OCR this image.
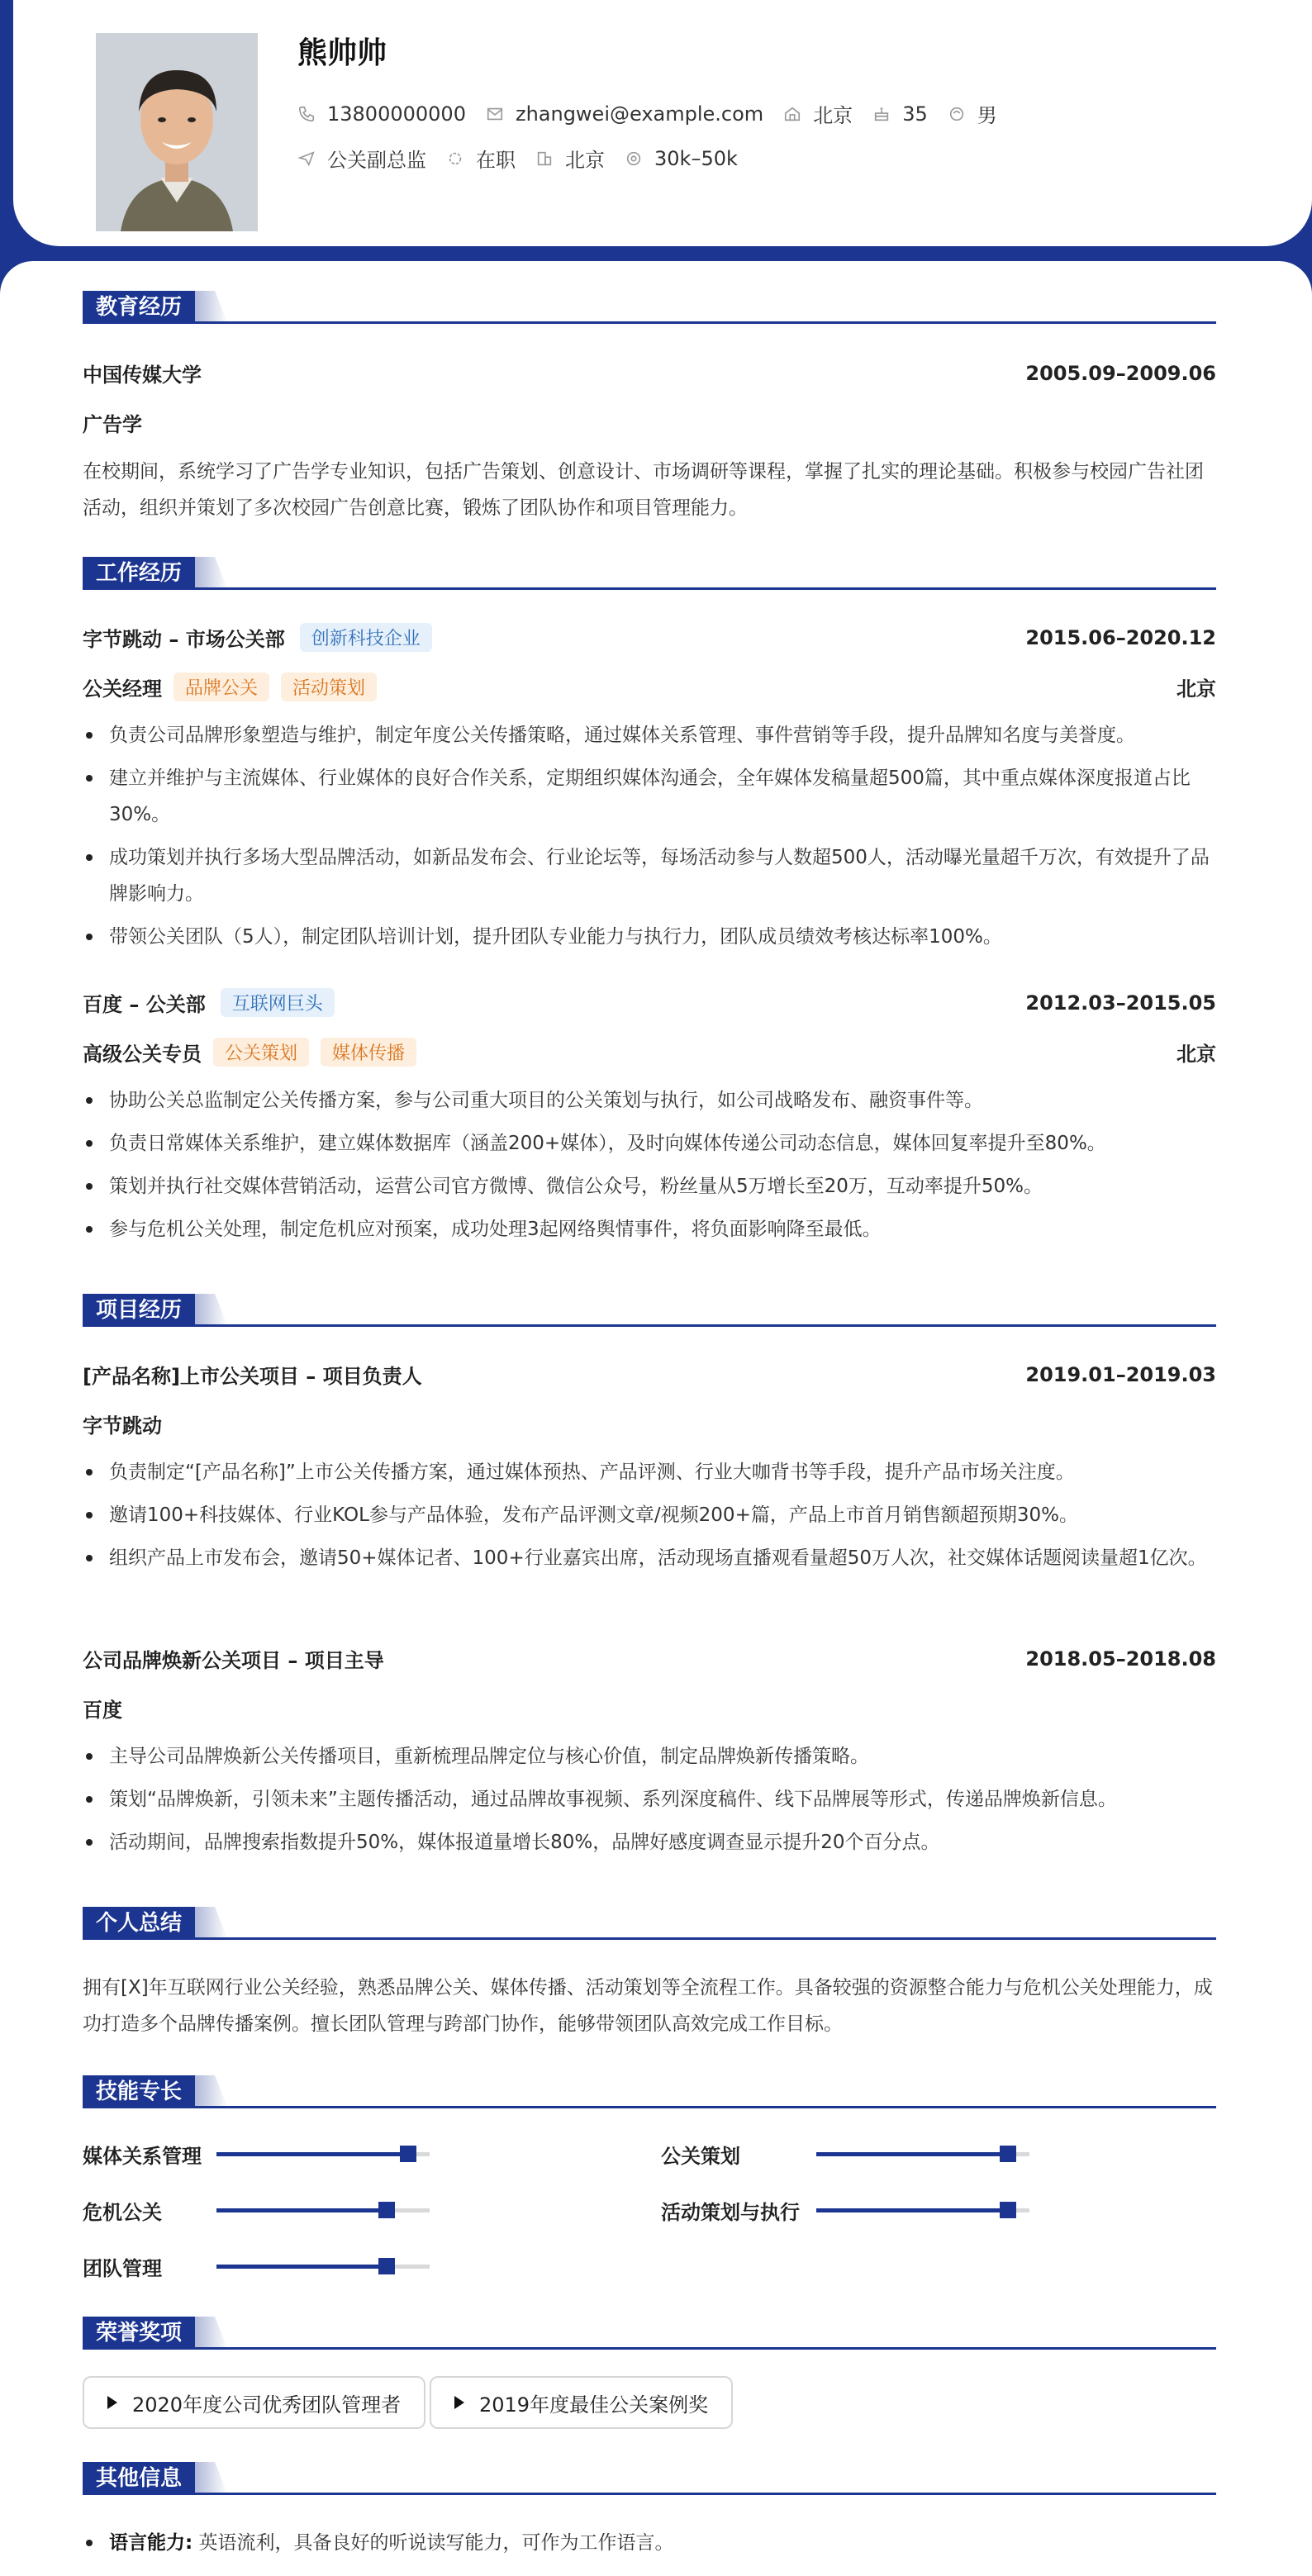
熊帅帅
13800000000	zhangwei@example.com	北京	35	男
公关副总监	在职	北京	30k–50k
教育经历
中国传媒大学	2005.09–2009.06
广告学
在校期间，系统学习了广告学专业知识，包括广告策划、创意设计、市场调研等课程，掌握了扎实的理论基础。积极参与校园广告社团活动，组织并策划了多次校园广告创意比赛，锻炼了团队协作和项目管理能力。
工作经历
字节跳动 – 市场公关部	创新科技企业	2015.06–2020.12
公关经理	品牌公关	活动策划	北京
负责公司品牌形象塑造与维护，制定年度公关传播策略，通过媒体关系管理、事件营销等手段，提升品牌知名度与美誉度。
建立并维护与主流媒体、行业媒体的良好合作关系，定期组织媒体沟通会，全年媒体发稿量超500篇，其中重点媒体深度报道占比30%。
成功策划并执行多场大型品牌活动，如新品发布会、行业论坛等，每场活动参与人数超500人，活动曝光量超千万次，有效提升了品牌影响力。
带领公关团队（5人），制定团队培训计划，提升团队专业能力与执行力，团队成员绩效考核达标率100%。
百度 – 公关部	互联网巨头	2012.03–2015.05
高级公关专员	公关策划	媒体传播	北京
协助公关总监制定公关传播方案，参与公司重大项目的公关策划与执行，如公司战略发布、融资事件等。
负责日常媒体关系维护，建立媒体数据库（涵盖200+媒体），及时向媒体传递公司动态信息，媒体回复率提升至80%。
策划并执行社交媒体营销活动，运营公司官方微博、微信公众号，粉丝量从5万增长至20万，互动率提升50%。
参与危机公关处理，制定危机应对预案，成功处理3起网络舆情事件，将负面影响降至最低。
项目经历
[产品名称]上市公关项目 – 项目负责人	2019.01–2019.03
字节跳动
负责制定“[产品名称]”上市公关传播方案，通过媒体预热、产品评测、行业大咖背书等手段，提升产品市场关注度。
邀请100+科技媒体、行业KOL参与产品体验，发布产品评测文章/视频200+篇，产品上市首月销售额超预期30%。
组织产品上市发布会，邀请50+媒体记者、100+行业嘉宾出席，活动现场直播观看量超50万人次，社交媒体话题阅读量超1亿次。
公司品牌焕新公关项目 – 项目主导	2018.05–2018.08
百度
主导公司品牌焕新公关传播项目，重新梳理品牌定位与核心价值，制定品牌焕新传播策略。
策划“品牌焕新，引领未来”主题传播活动，通过品牌故事视频、系列深度稿件、线下品牌展等形式，传递品牌焕新信息。
活动期间，品牌搜索指数提升50%，媒体报道量增长80%，品牌好感度调查显示提升20个百分点。
个人总结
拥有[X]年互联网行业公关经验，熟悉品牌公关、媒体传播、活动策划等全流程工作。具备较强的资源整合能力与危机公关处理能力，成功打造多个品牌传播案例。擅长团队管理与跨部门协作，能够带领团队高效完成工作目标。
技能专长
媒体关系管理	公关策划
危机公关	活动策划与执行
团队管理
荣誉奖项
2020年度公司优秀团队管理者	2019年度最佳公关案例奖
其他信息
语言能力: 英语流利，具备良好的听说读写能力，可作为工作语言。
